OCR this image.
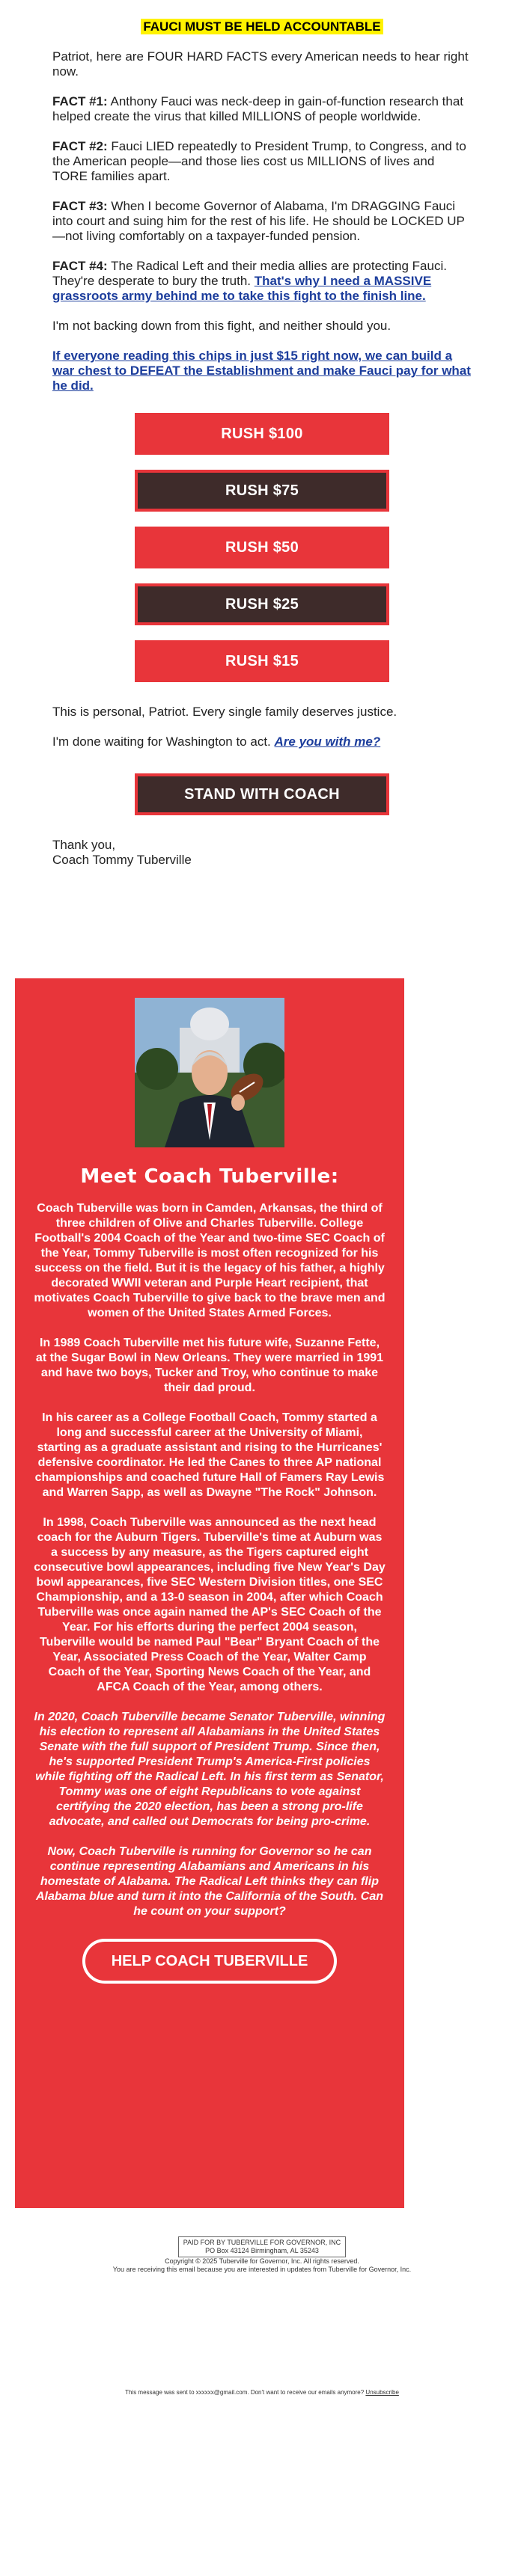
FAUCI MUST BE HELD ACCOUNTABLE

Patriot, here are FOUR HARD FACTS every American needs to hear right now.

FACT #1: Anthony Fauci was neck-deep in gain-of-function research that helped create the virus that killed MILLIONS of people worldwide.

FACT #2: Fauci LIED repeatedly to President Trump, to Congress, and to the American people—and those lies cost us MILLIONS of lives and TORE families apart.

FACT #3: When I become Governor of Alabama, I'm DRAGGING Fauci into court and suing him for the rest of his life. He should be LOCKED UP—not living comfortably on a taxpayer-funded pension.

FACT #4: The Radical Left and their media allies are protecting Fauci. They're desperate to bury the truth. That's why I need a MASSIVE grassroots army behind me to take this fight to the finish line.

I'm not backing down from this fight, and neither should you.

If everyone reading this chips in just $15 right now, we can build a war chest to DEFEAT the Establishment and make Fauci pay for what he did.

RUSH $100
RUSH $75
RUSH $50
RUSH $25
RUSH $15

This is personal, Patriot. Every single family deserves justice.

I'm done waiting for Washington to act. Are you with me?

STAND WITH COACH

Thank you,

Coach Tommy Tuberville

Meet Coach Tuberville:

Coach Tuberville was born in Camden, Arkansas, the third of three children of Olive and Charles Tuberville. College Football's 2004 Coach of the Year and two-time SEC Coach of the Year, Tommy Tuberville is most often recognized for his success on the field. But it is the legacy of his father, a highly decorated WWII veteran and Purple Heart recipient, that motivates Coach Tuberville to give back to the brave men and women of the United States Armed Forces.

In 1989 Coach Tuberville met his future wife, Suzanne Fette, at the Sugar Bowl in New Orleans. They were married in 1991 and have two boys, Tucker and Troy, who continue to make their dad proud.

In his career as a College Football Coach, Tommy started a long and successful career at the University of Miami, starting as a graduate assistant and rising to the Hurricanes' defensive coordinator. He led the Canes to three AP national championships and coached future Hall of Famers Ray Lewis and Warren Sapp, as well as Dwayne "The Rock" Johnson.

In 1998, Coach Tuberville was announced as the next head coach for the Auburn Tigers. Tuberville's time at Auburn was a success by any measure, as the Tigers captured eight consecutive bowl appearances, including five New Year's Day bowl appearances, five SEC Western Division titles, one SEC Championship, and a 13-0 season in 2004, after which Coach Tuberville was once again named the AP's SEC Coach of the Year. For his efforts during the perfect 2004 season, Tuberville would be named Paul "Bear" Bryant Coach of the Year, Associated Press Coach of the Year, Walter Camp Coach of the Year, Sporting News Coach of the Year, and AFCA Coach of the Year, among others.

In 2020, Coach Tuberville became Senator Tuberville, winning his election to represent all Alabamians in the United States Senate with the full support of President Trump. Since then, he's supported President Trump's America-First policies while fighting off the Radical Left. In his first term as Senator, Tommy was one of eight Republicans to vote against certifying the 2020 election, has been a strong pro-life advocate, and called out Democrats for being pro-crime.

Now, Coach Tuberville is running for Governor so he can continue representing Alabamians and Americans in his homestate of Alabama. The Radical Left thinks they can flip Alabama blue and turn it into the California of the South. Can he count on your support?

HELP COACH TUBERVILLE
PAID FOR BY TUBERVILLE FOR GOVERNOR, INC
PO Box 43124 Birmingham, AL 35243
Copyright © 2025 Tuberville for Governor, Inc. All rights reserved.
You are receiving this email because you are interested in updates from Tuberville for Governor, Inc.
This message was sent to xxxxxx@gmail.com. Don't want to receive our emails anymore? Unsubscribe
